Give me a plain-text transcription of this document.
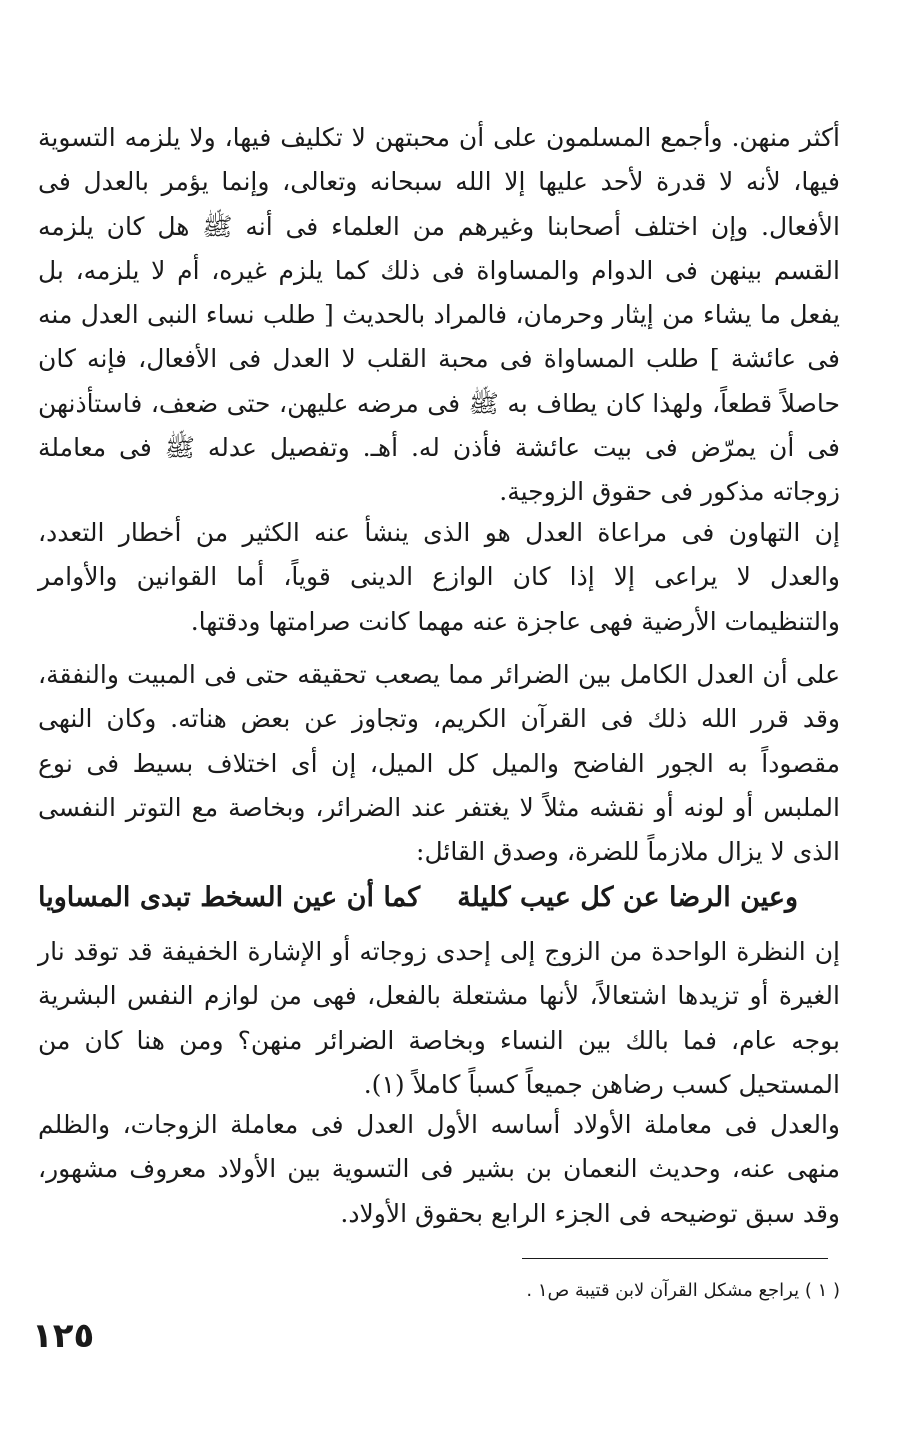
أكثر منهن. وأجمع المسلمون على أن محبتهن لا تكليف فيها، ولا يلزمه التسوية فيها، لأنه لا قدرة لأحد عليها إلا الله سبحانه وتعالى، وإنما يؤمر بالعدل فى الأفعال. وإن اختلف أصحابنا وغيرهم من العلماء فى أنه ﷺ هل كان يلزمه القسم بينهن فى الدوام والمساواة فى ذلك كما يلزم غيره، أم لا يلزمه، بل يفعل ما يشاء من إيثار وحرمان، فالمراد بالحديث [ طلب نساء النبى العدل منه فى عائشة ] طلب المساواة فى محبة القلب لا العدل فى الأفعال، فإنه كان حاصلاً قطعاً، ولهذا كان يطاف به ﷺ فى مرضه عليهن، حتى ضعف، فاستأذنهن فى أن يمرّض فى بيت عائشة فأذن له. أهـ. وتفصيل عدله ﷺ فى معاملة زوجاته مذكور فى حقوق الزوجية.

إن التهاون فى مراعاة العدل هو الذى ينشأ عنه الكثير من أخطار التعدد، والعدل لا يراعى إلا إذا كان الوازع الدينى قوياً، أما القوانين والأوامر والتنظيمات الأرضية فهى عاجزة عنه مهما كانت صرامتها ودقتها.

على أن العدل الكامل بين الضرائر مما يصعب تحقيقه حتى فى المبيت والنفقة، وقد قرر الله ذلك فى القرآن الكريم، وتجاوز عن بعض هناته. وكان النهى مقصوداً به الجور الفاضح والميل كل الميل، إن أى اختلاف بسيط فى نوع الملبس أو لونه أو نقشه مثلاً لا يغتفر عند الضرائر، وبخاصة مع التوتر النفسى الذى لا يزال ملازماً للضرة، وصدق القائل:

وعين الرضا عن كل عيب كليلة
كما أن عين السخط تبدى المساويا

إن النظرة الواحدة من الزوج إلى إحدى زوجاته أو الإشارة الخفيفة قد توقد نار الغيرة أو تزيدها اشتعالاً، لأنها مشتعلة بالفعل، فهى من لوازم النفس البشرية بوجه عام، فما بالك بين النساء وبخاصة الضرائر منهن؟ ومن هنا كان من المستحيل كسب رضاهن جميعاً كسباً كاملاً (١).

والعدل فى معاملة الأولاد أساسه الأول العدل فى معاملة الزوجات، والظلم منهى عنه، وحديث النعمان بن بشير فى التسوية بين الأولاد معروف مشهور، وقد سبق توضيحه فى الجزء الرابع بحقوق الأولاد.

( ١ ) يراجع مشكل القرآن لابن قتيبة ص١ .
١٢٥
